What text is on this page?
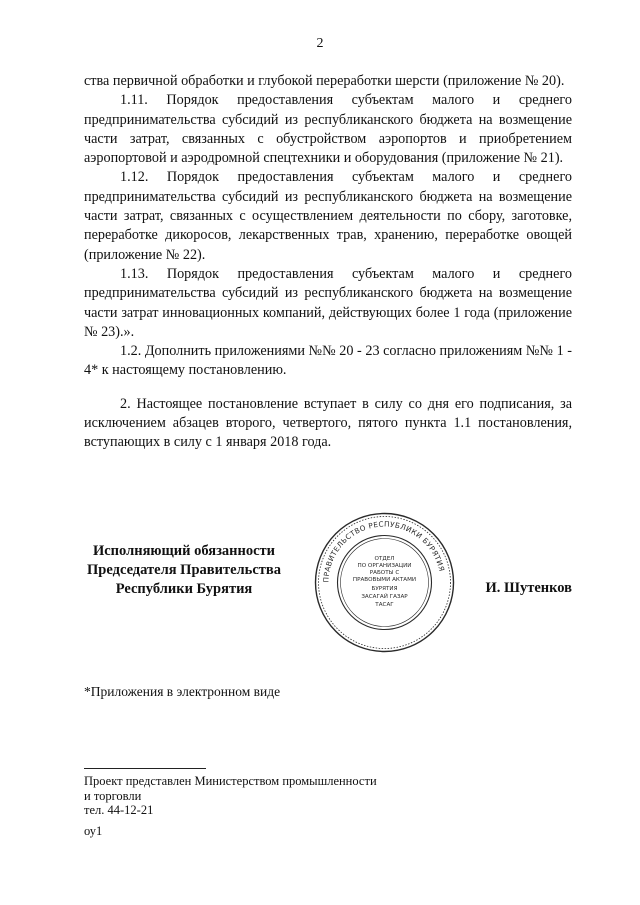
2

ства первичной обработки и глубокой переработки шерсти (приложение № 20).

1.11. Порядок предоставления субъектам малого и среднего предпринимательства субсидий из республиканского бюджета на возмещение части затрат, связанных с обустройством аэропортов и приобретением аэропортовой и аэродромной спецтехники и оборудования (приложение № 21).

1.12. Порядок предоставления субъектам малого и среднего предпринимательства субсидий из республиканского бюджета на возмещение части затрат, связанных с осуществлением деятельности по сбору, заготовке, переработке дикоросов, лекарственных трав, хранению, переработке овощей (приложение № 22).

1.13. Порядок предоставления субъектам малого и среднего предпринимательства субсидий из республиканского бюджета на возмещение части затрат инновационных компаний, действующих более 1 года (приложение № 23).».

1.2. Дополнить приложениями №№ 20 - 23 согласно приложениям №№ 1 - 4* к настоящему постановлению.

2. Настоящее постановление вступает в силу со дня его подписания, за исключением абзацев второго, четвертого, пятого пункта 1.1 постановления, вступающих в силу с 1 января 2018 года.

Исполняющий обязанности
Председателя Правительства
Республики Бурятия
ПРАВИТЕЛЬСТВО РЕСПУБЛИКИ БУРЯТИЯ
ОТДЕЛ
ПО ОРГАНИЗАЦИИ
РАБОТЫ С
ПРАВОВЫМИ АКТАМИ
БУРЯТИЯ
ЗАСАГАЙ ГАЗАР
ТАСАГ
И. Шутенков
*Приложения в электронном виде
Проект представлен Министерством промышленности
и торговли
тел. 44-12-21
оу1
